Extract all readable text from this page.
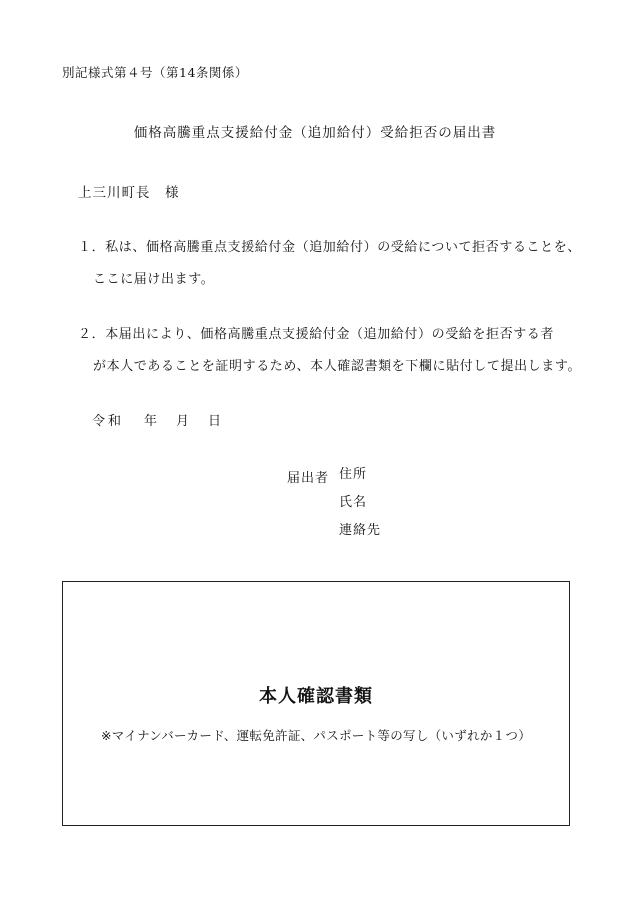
別記様式第４号（第14条関係）
価格高騰重点支援給付金（追加給付）受給拒否の届出書
上三川町長　様
１．私は、価格高騰重点支援給付金（追加給付）の受給について拒否することを、
ここに届け出ます。
２．本届出により、価格高騰重点支援給付金（追加給付）の受給を拒否する者
が本人であることを証明するため、本人確認書類を下欄に貼付して提出します。
令和	年	月	日
届出者 住所
氏名
連絡先
本人確認書類
※マイナンバーカード、運転免許証、パスポート等の写し（いずれか１つ）
